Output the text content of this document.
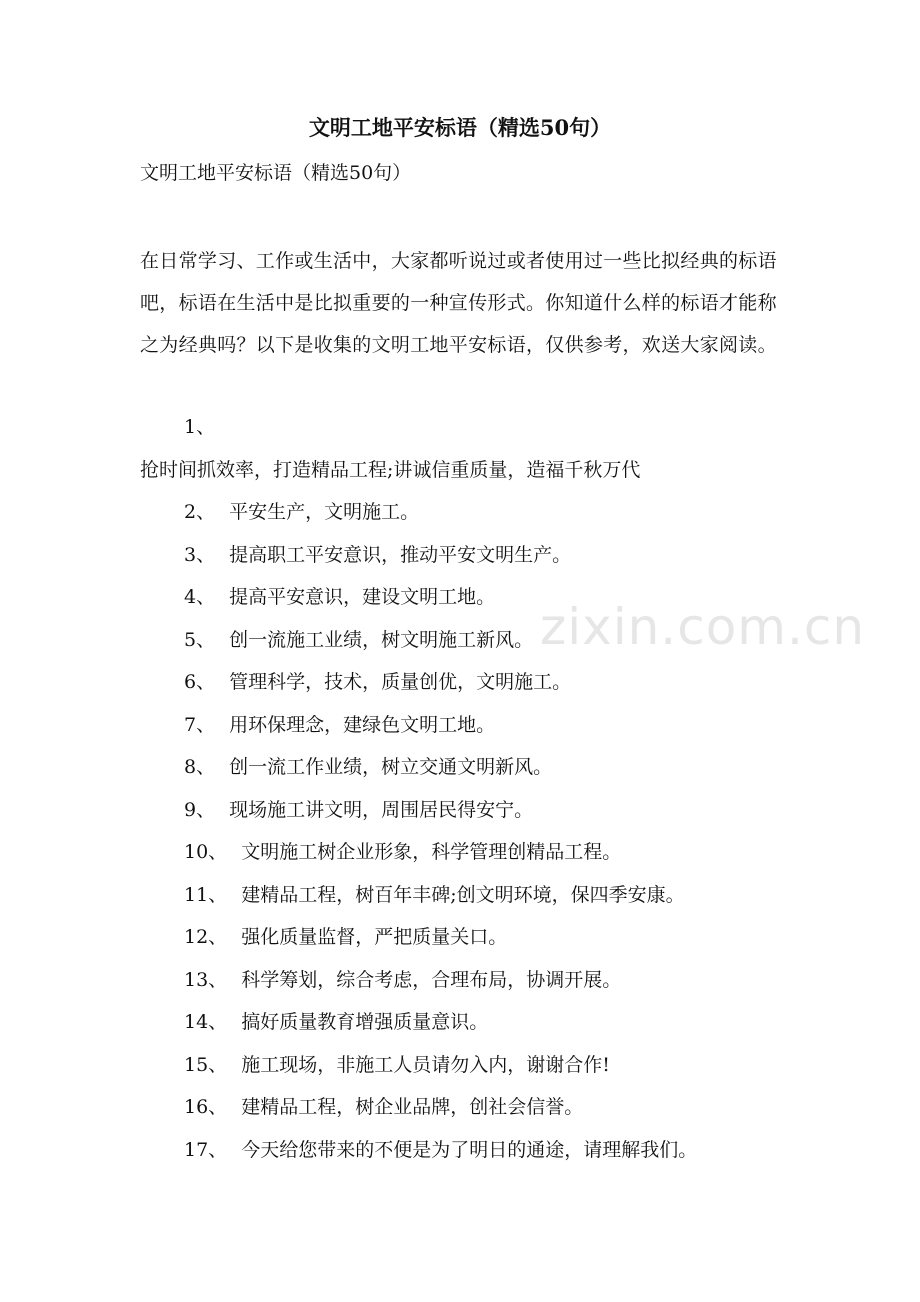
zixin.com.cn
文明工地平安标语（精选50句）
文明工地平安标语（精选50句）

在日常学习、工作或生活中，大家都听说过或者使用过一些比拟经典的标语吧，标语在生活中是比拟重要的一种宣传形式。你知道什么样的标语才能称之为经典吗？以下是收集的文明工地平安标语，仅供参考，欢送大家阅读。

1、
抢时间抓效率，打造精品工程;讲诚信重质量，造福千秋万代
2、 平安生产，文明施工。
3、 提高职工平安意识，推动平安文明生产。
4、 提高平安意识，建设文明工地。
5、 创一流施工业绩，树文明施工新风。
6、 管理科学，技术，质量创优，文明施工。
7、 用环保理念，建绿色文明工地。
8、 创一流工作业绩，树立交通文明新风。
9、 现场施工讲文明，周围居民得安宁。
10、 文明施工树企业形象，科学管理创精品工程。
11、 建精品工程，树百年丰碑;创文明环境，保四季安康。
12、 强化质量监督，严把质量关口。
13、 科学筹划，综合考虑，合理布局，协调开展。
14、 搞好质量教育增强质量意识。
15、 施工现场，非施工人员请勿入内，谢谢合作!
16、 建精品工程，树企业品牌，创社会信誉。
17、 今天给您带来的不便是为了明日的通途，请理解我们。
